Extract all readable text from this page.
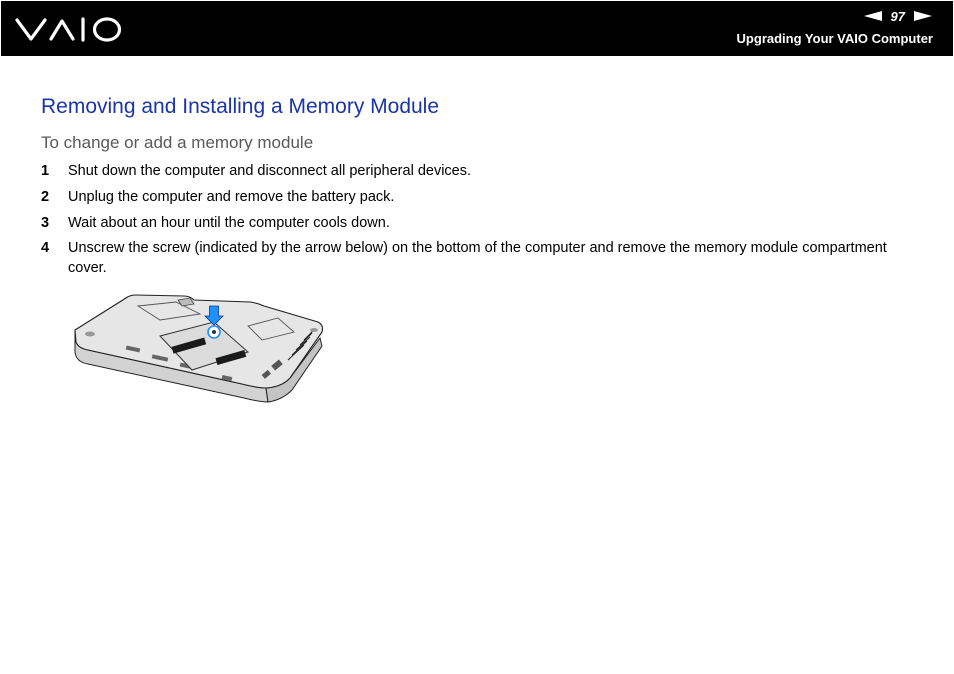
97
Upgrading Your VAIO Computer
Removing and Installing a Memory Module
To change or add a memory module
1 Shut down the computer and disconnect all peripheral devices.
2 Unplug the computer and remove the battery pack.
3 Wait about an hour until the computer cools down.
4 Unscrew the screw (indicated by the arrow below) on the bottom of the computer and remove the memory module compartment cover.
